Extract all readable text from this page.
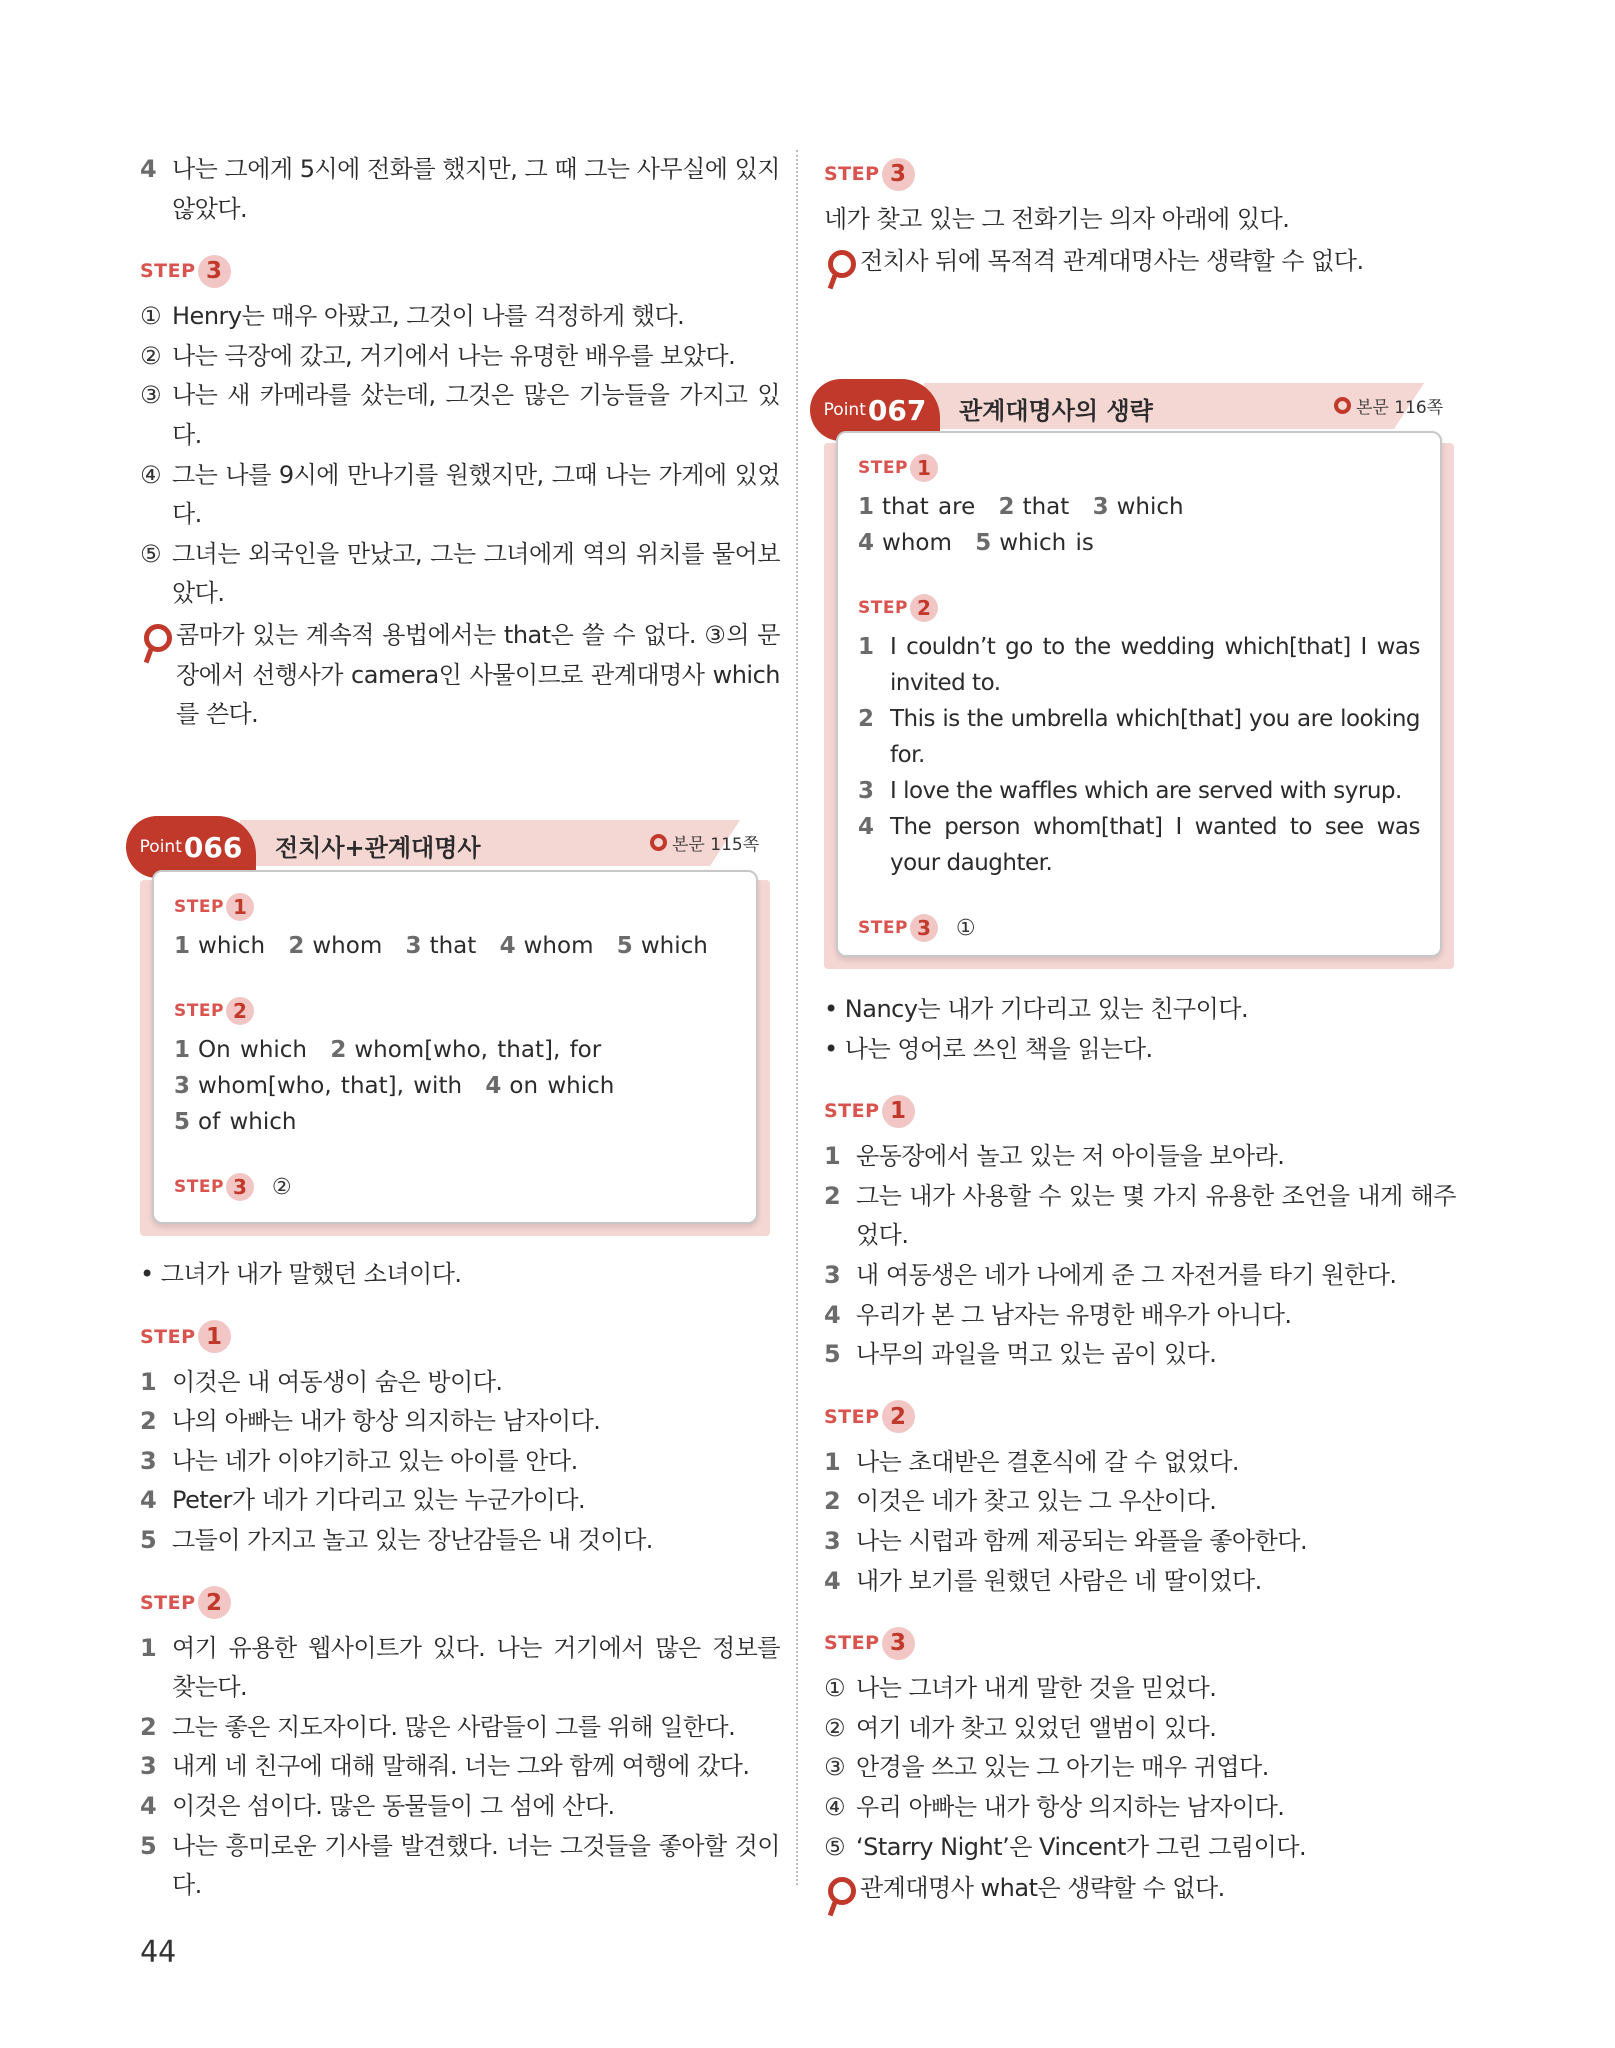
4 나는 그에게 5시에 전화를 했지만, 그 때 그는 사무실에 있지 않았다.
STEP 3
① Henry는 매우 아팠고, 그것이 나를 걱정하게 했다.
② 나는 극장에 갔고, 거기에서 나는 유명한 배우를 보았다.
③ 나는 새 카메라를 샀는데, 그것은 많은 기능들을 가지고 있다.
④ 그는 나를 9시에 만나기를 원했지만, 그때 나는 가게에 있었다.
⑤ 그녀는 외국인을 만났고, 그는 그녀에게 역의 위치를 물어보았다.
콤마가 있는 계속적 용법에서는 that은 쓸 수 없다. ③의 문장에서 선행사가 camera인 사물이므로 관계대명사 which를 쓴다.
Point 066 전치사+관계대명사	본문 115쪽
STEP 1
1 which 2 whom 3 that 4 whom 5 which
STEP 2
1 On which 2 whom[who, that], for
3 whom[who, that], with 4 on which
5 of which
STEP 3	②
• 그녀가 내가 말했던 소녀이다.
STEP 1
1 이것은 내 여동생이 숨은 방이다.
2 나의 아빠는 내가 항상 의지하는 남자이다.
3 나는 네가 이야기하고 있는 아이를 안다.
4 Peter가 네가 기다리고 있는 누군가이다.
5 그들이 가지고 놀고 있는 장난감들은 내 것이다.
STEP 2
1 여기 유용한 웹사이트가 있다. 나는 거기에서 많은 정보를 찾는다.
2 그는 좋은 지도자이다. 많은 사람들이 그를 위해 일한다.
3 내게 네 친구에 대해 말해줘. 너는 그와 함께 여행에 갔다.
4 이것은 섬이다. 많은 동물들이 그 섬에 산다.
5 나는 흥미로운 기사를 발견했다. 너는 그것들을 좋아할 것이다.
STEP 3
네가 찾고 있는 그 전화기는 의자 아래에 있다.
전치사 뒤에 목적격 관계대명사는 생략할 수 없다.
Point 067 관계대명사의 생략	본문 116쪽
STEP 1
1 that are 2 that 3 which
4 whom 5 which is
STEP 2
1 I couldn’t go to the wedding which[that] I was invited to.
2 This is the umbrella which[that] you are looking for.
3 I love the waffles which are served with syrup.
4 The person whom[that] I wanted to see was your daughter.
STEP 3	①
• Nancy는 내가 기다리고 있는 친구이다.
• 나는 영어로 쓰인 책을 읽는다.
STEP 1
1 운동장에서 놀고 있는 저 아이들을 보아라.
2 그는 내가 사용할 수 있는 몇 가지 유용한 조언을 내게 해주었다.
3 내 여동생은 네가 나에게 준 그 자전거를 타기 원한다.
4 우리가 본 그 남자는 유명한 배우가 아니다.
5 나무의 과일을 먹고 있는 곰이 있다.
STEP 2
1 나는 초대받은 결혼식에 갈 수 없었다.
2 이것은 네가 찾고 있는 그 우산이다.
3 나는 시럽과 함께 제공되는 와플을 좋아한다.
4 내가 보기를 원했던 사람은 네 딸이었다.
STEP 3
① 나는 그녀가 내게 말한 것을 믿었다.
② 여기 네가 찾고 있었던 앨범이 있다.
③ 안경을 쓰고 있는 그 아기는 매우 귀엽다.
④ 우리 아빠는 내가 항상 의지하는 남자이다.
⑤ ‘Starry Night’은 Vincent가 그린 그림이다.
관계대명사 what은 생략할 수 없다.
44
